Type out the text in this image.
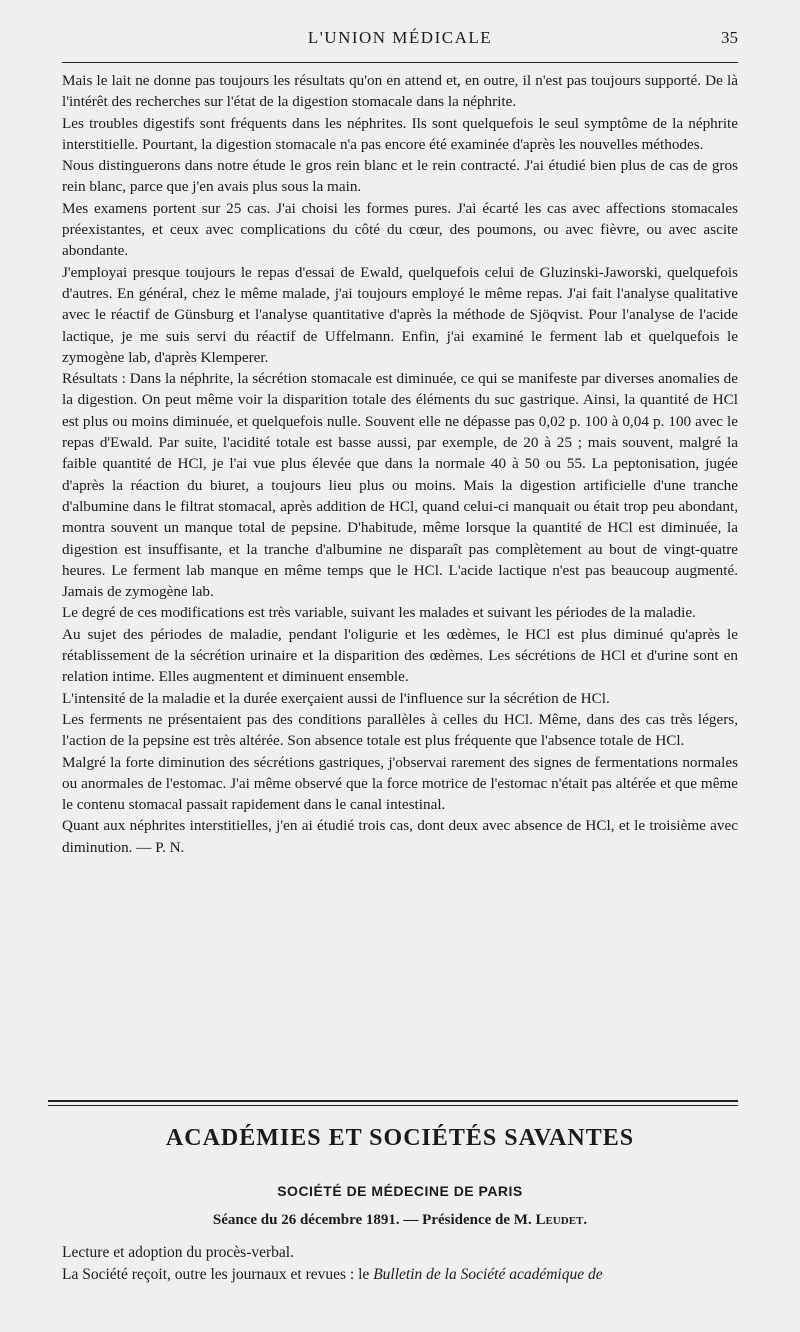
L'UNION MÉDICALE	35

Mais le lait ne donne pas toujours les résultats qu'on en attend et, en outre, il n'est pas toujours supporté. De là l'intérêt des recherches sur l'état de la digestion stomacale dans la néphrite.

Les troubles digestifs sont fréquents dans les néphrites. Ils sont quelquefois le seul symptôme de la néphrite interstitielle. Pourtant, la digestion stomacale n'a pas encore été examinée d'après les nouvelles méthodes.

Nous distinguerons dans notre étude le gros rein blanc et le rein contracté. J'ai étudié bien plus de cas de gros rein blanc, parce que j'en avais plus sous la main.

Mes examens portent sur 25 cas. J'ai choisi les formes pures. J'ai écarté les cas avec affections stomacales préexistantes, et ceux avec complications du côté du cœur, des poumons, ou avec fièvre, ou avec ascite abondante.

J'employai presque toujours le repas d'essai de Ewald, quelquefois celui de Gluzinski-Jaworski, quelquefois d'autres. En général, chez le même malade, j'ai toujours employé le même repas. J'ai fait l'analyse qualitative avec le réactif de Günsburg et l'analyse quantitative d'après la méthode de Sjöqvist. Pour l'analyse de l'acide lactique, je me suis servi du réactif de Uffelmann. Enfin, j'ai examiné le ferment lab et quelquefois le zymogène lab, d'après Klemperer.

Résultats : Dans la néphrite, la sécrétion stomacale est diminuée, ce qui se manifeste par diverses anomalies de la digestion. On peut même voir la disparition totale des éléments du suc gastrique. Ainsi, la quantité de HCl est plus ou moins diminuée, et quelquefois nulle. Souvent elle ne dépasse pas 0,02 p. 100 à 0,04 p. 100 avec le repas d'Ewald. Par suite, l'acidité totale est basse aussi, par exemple, de 20 à 25 ; mais souvent, malgré la faible quantité de HCl, je l'ai vue plus élevée que dans la normale 40 à 50 ou 55. La peptonisation, jugée d'après la réaction du biuret, a toujours lieu plus ou moins. Mais la digestion artificielle d'une tranche d'albumine dans le filtrat stomacal, après addition de HCl, quand celui-ci manquait ou était trop peu abondant, montra souvent un manque total de pepsine. D'habitude, même lorsque la quantité de HCl est diminuée, la digestion est insuffisante, et la tranche d'albumine ne disparaît pas complètement au bout de vingt-quatre heures. Le ferment lab manque en même temps que le HCl. L'acide lactique n'est pas beaucoup augmenté. Jamais de zymogène lab.

Le degré de ces modifications est très variable, suivant les malades et suivant les périodes de la maladie.

Au sujet des périodes de maladie, pendant l'oligurie et les œdèmes, le HCl est plus diminué qu'après le rétablissement de la sécrétion urinaire et la disparition des œdèmes. Les sécrétions de HCl et d'urine sont en relation intime. Elles augmentent et diminuent ensemble.

L'intensité de la maladie et la durée exerçaient aussi de l'influence sur la sécrétion de HCl.

Les ferments ne présentaient pas des conditions parallèles à celles du HCl. Même, dans des cas très légers, l'action de la pepsine est très altérée. Son absence totale est plus fréquente que l'absence totale de HCl.

Malgré la forte diminution des sécrétions gastriques, j'observai rarement des signes de fermentations normales ou anormales de l'estomac. J'ai même observé que la force motrice de l'estomac n'était pas altérée et que même le contenu stomacal passait rapidement dans le canal intestinal.

Quant aux néphrites interstitielles, j'en ai étudié trois cas, dont deux avec absence de HCl, et le troisième avec diminution. — P. N.

ACADÉMIES ET SOCIÉTÉS SAVANTES
SOCIÉTÉ DE MÉDECINE DE PARIS
Séance du 26 décembre 1891. — Présidence de M. Leudet.

Lecture et adoption du procès-verbal.

La Société reçoit, outre les journaux et revues : le Bulletin de la Société académique de
